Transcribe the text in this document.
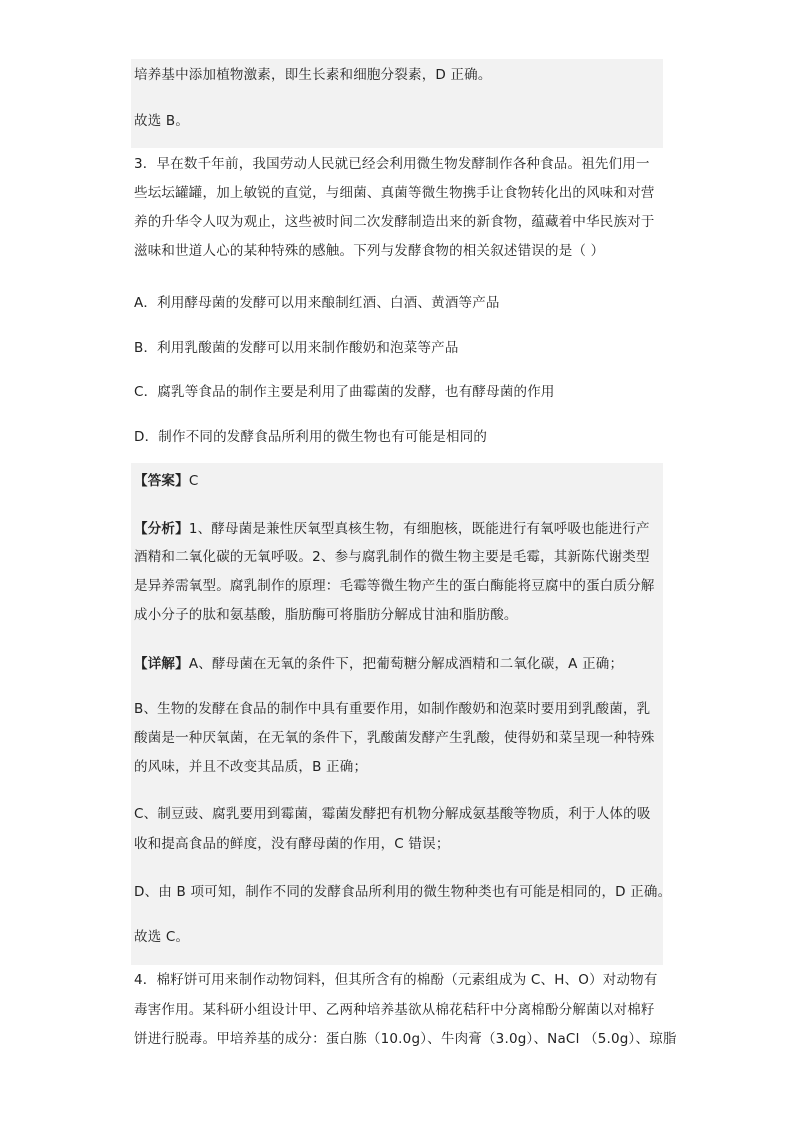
培养基中添加植物激素，即生长素和细胞分裂素，D 正确。
故选 B。
3．早在数千年前，我国劳动人民就已经会利用微生物发酵制作各种食品。祖先们用一
些坛坛罐罐，加上敏锐的直觉，与细菌、真菌等微生物携手让食物转化出的风味和对营
养的升华令人叹为观止，这些被时间二次发酵制造出来的新食物，蕴藏着中华民族对于
滋味和世道人心的某种特殊的感触。下列与发酵食物的相关叙述错误的是（ ）
A．利用酵母菌的发酵可以用来酿制红酒、白酒、黄酒等产品
B．利用乳酸菌的发酵可以用来制作酸奶和泡菜等产品
C．腐乳等食品的制作主要是利用了曲霉菌的发酵，也有酵母菌的作用
D．制作不同的发酵食品所利用的微生物也有可能是相同的
【答案】C
【分析】1、酵母菌是兼性厌氧型真核生物，有细胞核，既能进行有氧呼吸也能进行产
酒精和二氧化碳的无氧呼吸。2、参与腐乳制作的微生物主要是毛霉，其新陈代谢类型
是异养需氧型。腐乳制作的原理：毛霉等微生物产生的蛋白酶能将豆腐中的蛋白质分解
成小分子的肽和氨基酸，脂肪酶可将脂肪分解成甘油和脂肪酸。
【详解】A、酵母菌在无氧的条件下，把葡萄糖分解成酒精和二氧化碳，A 正确；
B、生物的发酵在食品的制作中具有重要作用，如制作酸奶和泡菜时要用到乳酸菌，乳
酸菌是一种厌氧菌，在无氧的条件下，乳酸菌发酵产生乳酸，使得奶和菜呈现一种特殊
的风味，并且不改变其品质，B 正确；
C、制豆豉、腐乳要用到霉菌，霉菌发酵把有机物分解成氨基酸等物质，利于人体的吸
收和提高食品的鲜度，没有酵母菌的作用，C 错误；
D、由 B 项可知，制作不同的发酵食品所利用的微生物种类也有可能是相同的，D 正确。
故选 C。
4．棉籽饼可用来制作动物饲料，但其所含有的棉酚（元素组成为 C、H、O）对动物有
毒害作用。某科研小组设计甲、乙两种培养基欲从棉花秸秆中分离棉酚分解菌以对棉籽
饼进行脱毒。甲培养基的成分：蛋白胨（10.0g）、牛肉膏（3.0g）、NaCl （5.0g）、琼脂
